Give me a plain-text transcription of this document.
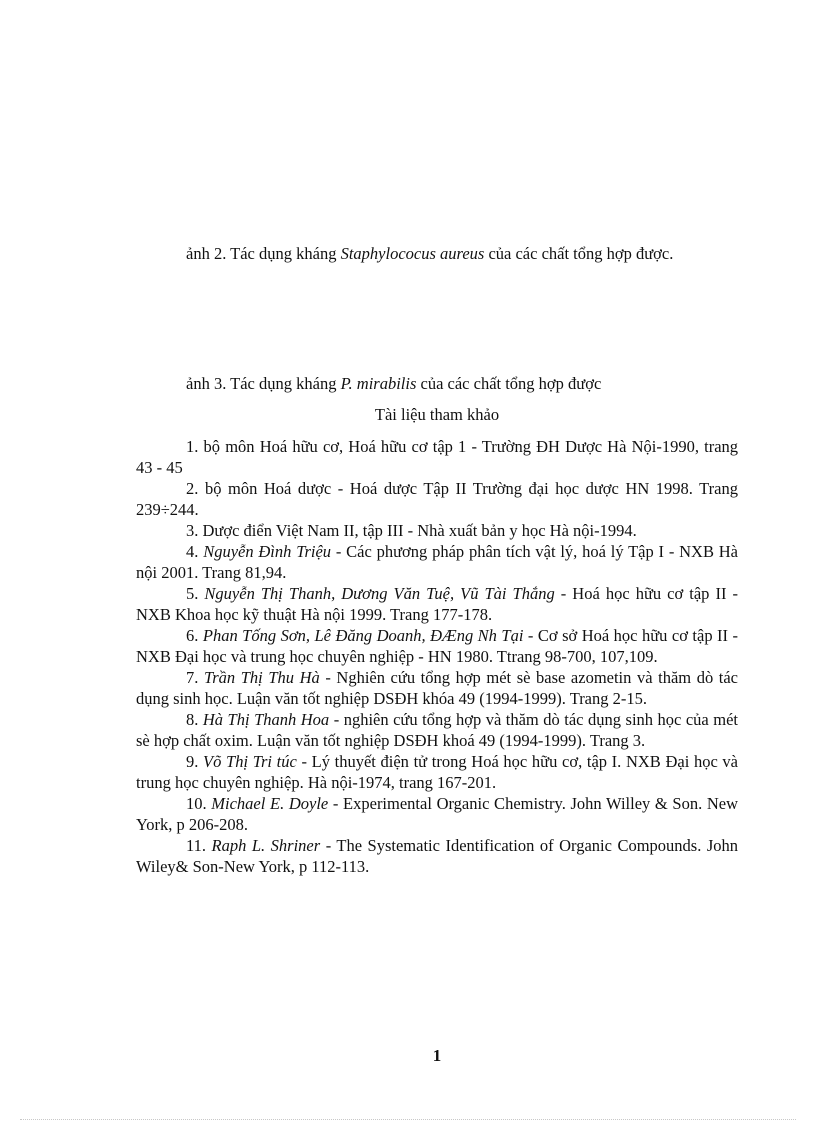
ảnh 2. Tác dụng kháng Staphylococus aureus của các chất tổng hợp được.

ảnh 3. Tác dụng kháng P. mirabilis của các chất tổng hợp được

Tài liệu tham khảo

1. bộ môn Hoá hữu cơ, Hoá hữu cơ tập 1 - Trường ĐH Dược Hà Nội-1990, trang 43 - 45

2. bộ môn Hoá dược - Hoá dược Tập II Trường đại học dược HN 1998. Trang 239÷244.

3. Dược điển Việt Nam II, tập III - Nhà xuất bản y học Hà nội-1994.

4. Nguyễn Đình Triệu - Các phương pháp phân tích vật lý, hoá lý Tập I - NXB Hà nội 2001. Trang 81,94.

5. Nguyễn Thị Thanh, Dương Văn Tuệ, Vũ Tài Thắng - Hoá học hữu cơ tập II - NXB Khoa học kỹ thuật Hà nội 1999. Trang 177-178.

6. Phan Tống Sơn, Lê Đăng Doanh, ĐÆng Nh Tại - Cơ sở Hoá học hữu cơ tập II - NXB Đại học và trung học chuyên nghiệp - HN 1980. Ttrang 98-700, 107,109.

7. Trần Thị Thu Hà - Nghiên cứu tổng hợp mét sè base azometin và thăm dò tác dụng sinh học. Luận văn tốt nghiệp DSĐH khóa 49 (1994-1999). Trang 2-15.

8. Hà Thị Thanh Hoa - nghiên cứu tổng hợp và thăm dò tác dụng sinh học của mét sè hợp chất oxim. Luận văn tốt nghiệp DSĐH khoá 49 (1994-1999). Trang 3.

9. Võ Thị Tri túc - Lý thuyết điện tử trong Hoá học hữu cơ, tập I. NXB Đại học và trung học chuyên nghiệp. Hà nội-1974, trang 167-201.

10. Michael E. Doyle - Experimental Organic Chemistry. John Willey & Son. New York, p 206-208.

11. Raph L. Shriner - The Systematic Identification of Organic Compounds. John Wiley& Son-New York, p 112-113.

1
